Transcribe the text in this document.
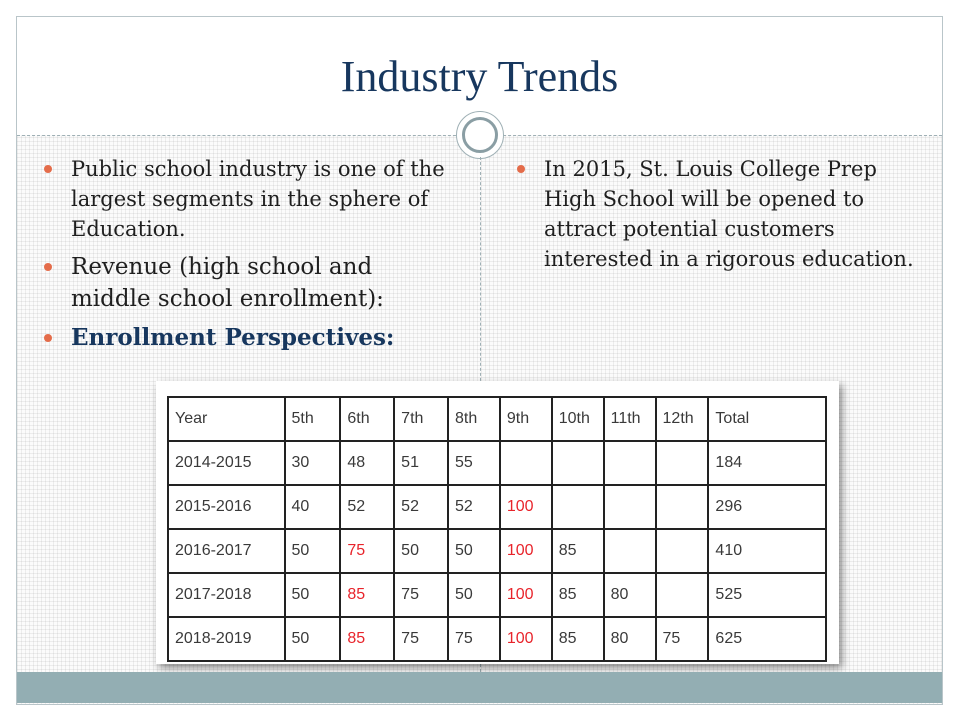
Industry Trends
Public school industry is one of the largest segments in the sphere of Education.
Revenue (high school and middle school enrollment):
Enrollment Perspectives:
In 2015, St. Louis College Prep High School will be opened to attract potential customers interested in a rigorous education.
Year	5th	6th	7th	8th	9th	10th	11th	12th	Total
2014-2015	30	48	51	55					184
2015-2016	40	52	52	52	100				296
2016-2017	50	75	50	50	100	85			410
2017-2018	50	85	75	50	100	85	80		525
2018-2019	50	85	75	75	100	85	80	75	625
